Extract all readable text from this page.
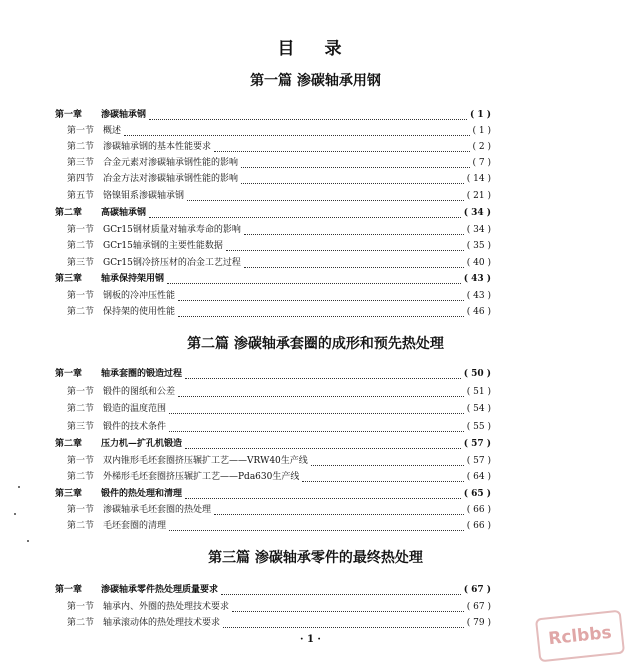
目 录
第一篇 渗碳轴承用钢
第二篇 渗碳轴承套圈的成形和预先热处理
第三篇 渗碳轴承零件的最终热处理
第一章	渗碳轴承钢	( 1 )
第一节 概述	( 1 )
第二节 渗碳轴承钢的基本性能要求	( 2 )
第三节 合金元素对渗碳轴承钢性能的影响	( 7 )
第四节 冶金方法对渗碳轴承钢性能的影响	( 14 )
第五节 铬镍钼系渗碳轴承钢	( 21 )
第二章	高碳轴承钢	( 34 )
第一节 GCr15钢材质量对轴承寿命的影响	( 34 )
第二节 GCr15轴承钢的主要性能数据	( 35 )
第三节 GCr15钢冷挤压材的冶金工艺过程	( 40 )
第三章	轴承保持架用钢	( 43 )
第一节 钢板的冷冲压性能	( 43 )
第二节 保持架的使用性能	( 46 )
第一章	轴承套圈的锻造过程	( 50 )
第一节 锻件的图纸和公差	( 51 )
第二节 锻造的温度范围	( 54 )
第三节 锻件的技术条件	( 55 )
第二章	压力机—扩孔机锻造	( 57 )
第一节 双内锥形毛坯套圈挤压辗扩工艺——VRW40生产线	( 57 )
第二节 外梯形毛坯套圈挤压辗扩工艺——Pda630生产线	( 64 )
第三章	锻件的热处理和清理	( 65 )
第一节 渗碳轴承毛坯套圈的热处理	( 66 )
第二节 毛坯套圈的清理	( 66 )
第一章	渗碳轴承零件热处理质量要求	( 67 )
第一节 轴承内、外圈的热处理技术要求	( 67 )
第二节 轴承滚动体的热处理技术要求	( 79 )
· 1 ·	Rclbbs
